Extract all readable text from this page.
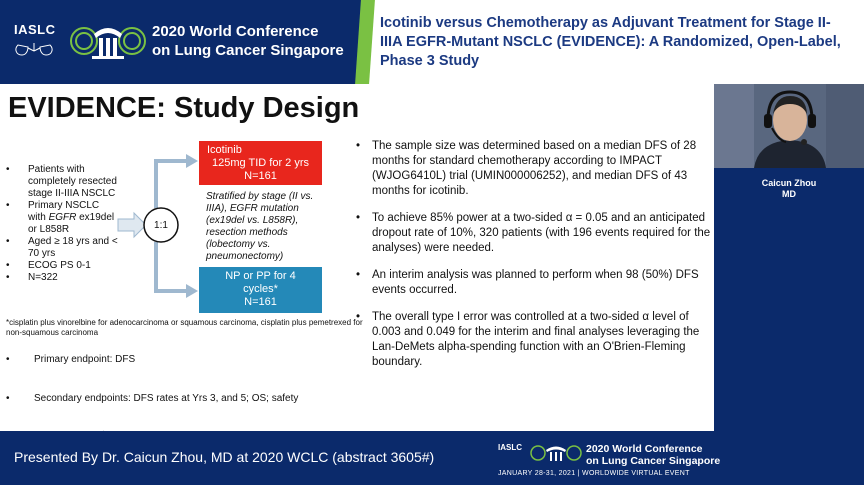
IASLC	2020 World Conference
on Lung Cancer Singapore
Icotinib versus Chemotherapy as Adjuvant Treatment for Stage II-IIIA EGFR-Mutant NSCLC (EVIDENCE): A Randomized, Open-Label, Phase 3 Study
EVIDENCE: Study Design
• Patients with completely resected stage II-IIIA NSCLC
• Primary NSCLC with EGFR ex19del or L858R
• Aged ≥ 18 yrs and < 70 yrs
• ECOG PS 0-1
• N=322
1:1
Icotinib
125mg TID for 2 yrs
N=161
Stratified by stage (II vs. IIIA), EGFR mutation (ex19del vs. L858R), resection methods (lobectomy vs. pneumonectomy)
NP or PP for 4
cycles*
N=161
*cisplatin plus vinorelbine for adenocarcinoma or squamous carcinoma, cisplatin plus pemetrexed for non-squamous carcinoma
• Primary endpoint: DFS
• Secondary endpoints: DFS rates at Yrs 3, and 5; OS; safety
•
• The sample size was determined based on a median DFS of 28 months for standard chemotherapy according to IMPACT (WJOG6410L) trial (UMIN000006252), and median DFS of 43 months for icotinib.
• To achieve 85% power at a two-sided α = 0.05 and an anticipated dropout rate of 10%, 320 patients (with 196 events required for the analyses) were needed.
• An interim analysis was planned to perform when 98 (50%) DFS events occurred.
• The overall type I error was controlled at a two-sided α level of 0.003 and 0.049 for the interim and final analyses leveraging the Lan-DeMets alpha-spending function with an O'Brien-Fleming boundary.
Caicun Zhou
MD
Presented By Dr. Caicun Zhou, MD at 2020 WCLC (abstract 3605#)
IASLC	2020 World Conference
on Lung Cancer Singapore
JANUARY 28-31, 2021 | WORLDWIDE VIRTUAL EVENT
